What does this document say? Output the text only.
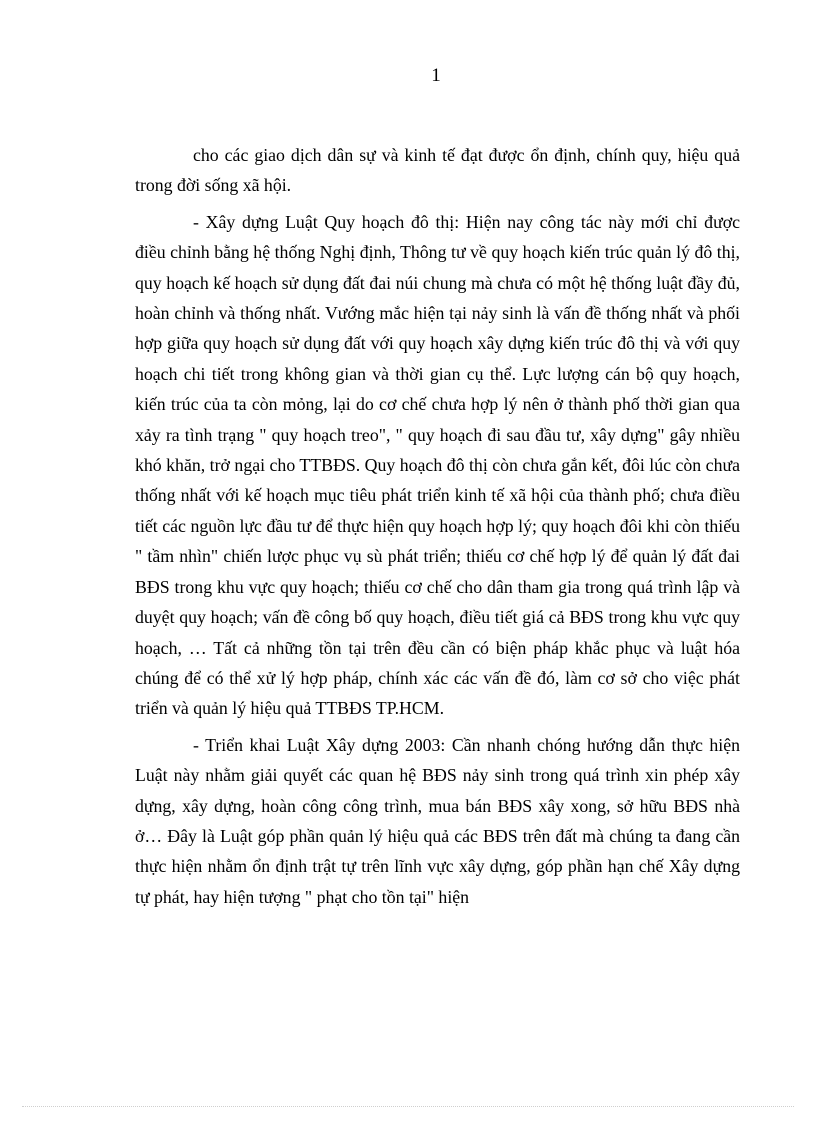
1

cho các giao dịch dân sự và kinh tế đạt được ổn định, chính quy, hiệu quả trong đời sống xã hội.

- Xây dựng Luật Quy hoạch đô thị: Hiện nay công tác này mới chỉ được điều chỉnh bằng hệ thống Nghị định, Thông tư về quy hoạch kiến trúc quản lý đô thị, quy hoạch kế hoạch sử dụng đất đai núi chung mà chưa có một hệ thống luật đầy đủ, hoàn chỉnh và thống nhất. Vướng mắc hiện tại nảy sinh là vấn đề thống nhất và phối hợp giữa quy hoạch sử dụng đất với quy hoạch xây dựng kiến trúc đô thị và với quy hoạch chi tiết trong không gian và thời gian cụ thể. Lực lượng cán bộ quy hoạch, kiến trúc của ta còn mỏng, lại do cơ chế chưa hợp lý nên ở thành phố thời gian qua xảy ra tình trạng " quy hoạch treo", " quy hoạch đi sau đầu tư, xây dựng" gây nhiều khó khăn, trở ngại cho TTBĐS. Quy hoạch đô thị còn chưa gắn kết, đôi lúc còn chưa thống nhất với kế hoạch mục tiêu phát triển kinh tế xã hội của thành phố; chưa điều tiết các nguồn lực đầu tư để thực hiện quy hoạch hợp lý; quy hoạch đôi khi còn thiếu " tầm nhìn" chiến lược phục vụ sù phát triển; thiếu cơ chế hợp lý để quản lý đất đai BĐS trong khu vực quy hoạch; thiếu cơ chế cho dân tham gia trong quá trình lập và duyệt quy hoạch; vấn đề công bố quy hoạch, điều tiết giá cả BĐS trong khu vực quy hoạch, … Tất cả những tồn tại trên đều cần có biện pháp khắc phục và luật hóa chúng để có thể xử lý hợp pháp, chính xác các vấn đề đó, làm cơ sở cho việc phát triển và quản lý hiệu quả TTBĐS TP.HCM.

- Triển khai Luật Xây dựng 2003: Cần nhanh chóng hướng dẫn thực hiện Luật này nhằm giải quyết các quan hệ BĐS nảy sinh trong quá trình xin phép xây dựng, xây dựng, hoàn công công trình, mua bán BĐS xây xong, sở hữu BĐS nhà ở… Đây là Luật góp phần quản lý hiệu quả các BĐS trên đất mà chúng ta đang cần thực hiện nhằm ổn định trật tự trên lĩnh vực xây dựng, góp phần hạn chế Xây dựng tự phát, hay hiện tượng " phạt cho tồn tại" hiện
